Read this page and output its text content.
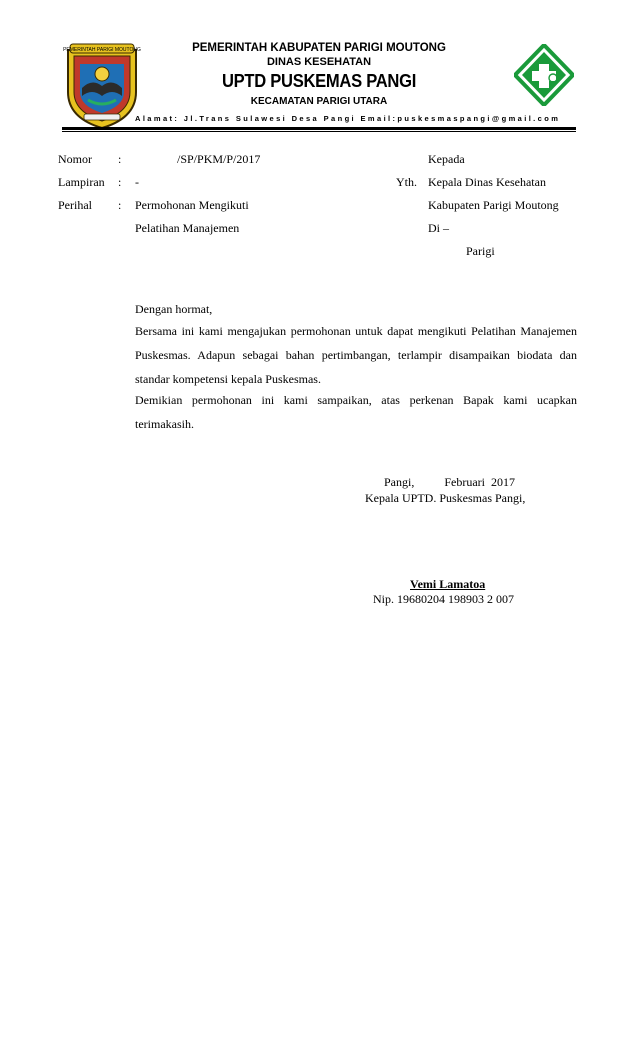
PEMERINTAH PARIGI MOUTONG	PEMERINTAH KABUPATEN PARIGI MOUTONG
DINAS KESEHATAN
UPTD PUSKEMAS PANGI
KECAMATAN PARIGI UTARA
Alamat: Jl.Trans Sulawesi Desa Pangi Email:puskesmaspangi@gmail.com
Nomor :	/SP/PKM/P/2017
Lampiran : -
Perihal : Permohonan Mengikuti
Pelatihan Manajemen
Kepada
Yth. Kepala Dinas Kesehatan
Kabupaten Parigi Moutong
Di –
Parigi
Dengan hormat,
Bersama ini kami mengajukan permohonan untuk dapat mengikuti Pelatihan Manajemen Puskesmas. Adapun sebagai bahan pertimbangan, terlampir disampaikan biodata dan standar kompetensi kepala Puskesmas.
Demikian permohonan ini kami sampaikan, atas perkenan Bapak kami ucapkan terimakasih.
Pangi,          Februari  2017
Kepala UPTD. Puskesmas Pangi,
Vemi Lamatoa
Nip. 19680204 198903 2 007
